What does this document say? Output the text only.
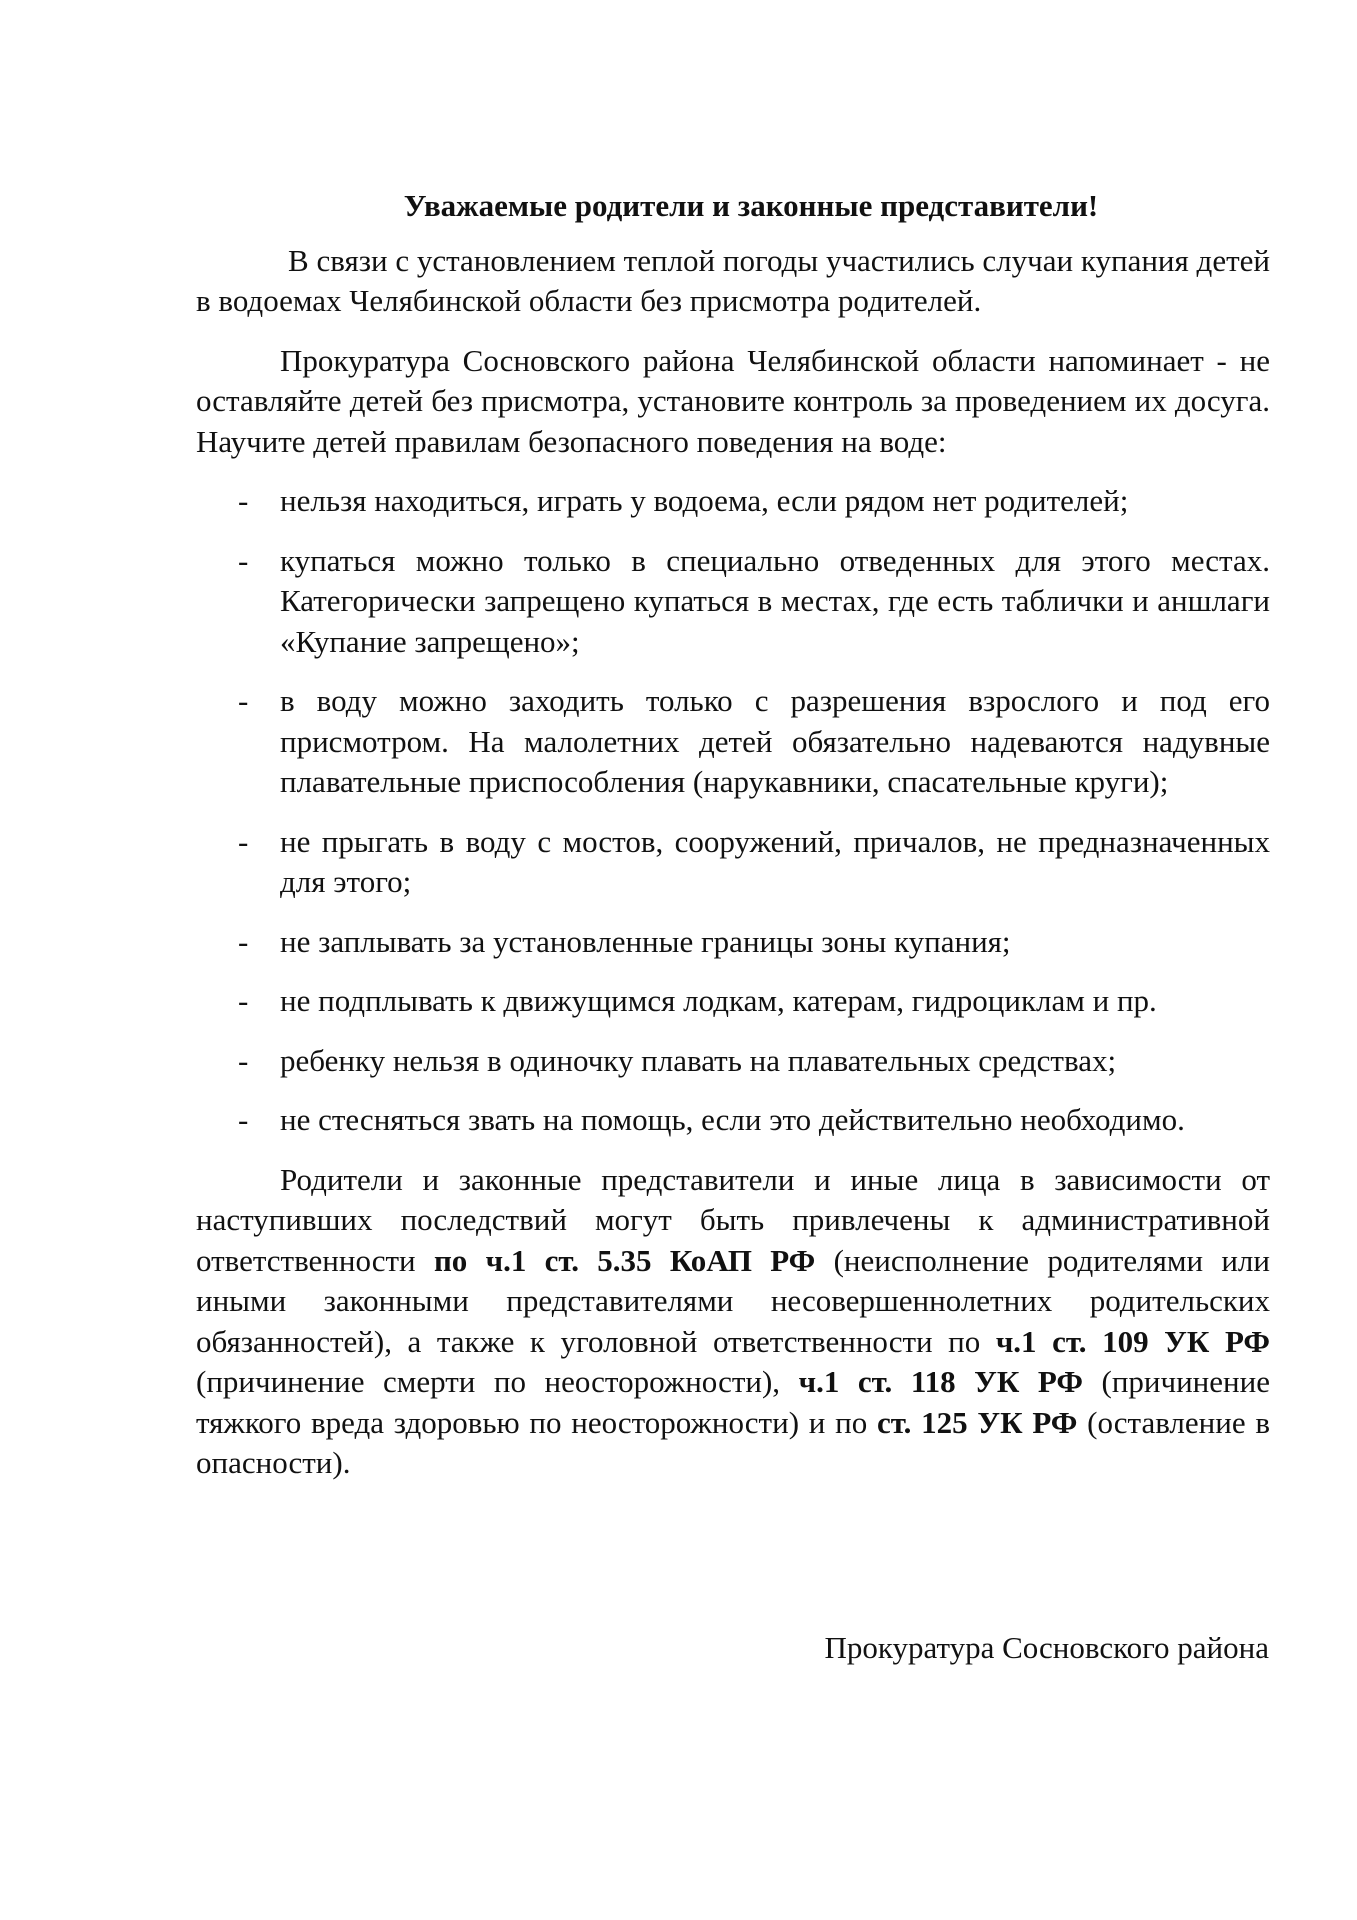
Уважаемые родители и законные представители!

В связи с установлением теплой погоды участились случаи купания детей в водоемах Челябинской области без присмотра родителей.

Прокуратура Сосновского района Челябинской области напоминает - не оставляйте детей без присмотра, установите контроль за проведением их досуга. Научите детей правилам безопасного поведения на воде:

- нельзя находиться, играть у водоема, если рядом нет родителей;
- купаться можно только в специально отведенных для этого местах. Категорически запрещено купаться в местах, где есть таблички и аншлаги «Купание запрещено»;
- в воду можно заходить только с разрешения взрослого и под его присмотром. На малолетних детей обязательно надеваются надувные плавательные приспособления (нарукавники, спасательные круги);
- не прыгать в воду с мостов, сооружений, причалов, не предназначенных для этого;
- не заплывать за установленные границы зоны купания;
- не подплывать к движущимся лодкам, катерам, гидроциклам и пр.
- ребенку нельзя в одиночку плавать на плавательных средствах;
- не стесняться звать на помощь, если это действительно необходимо.

Родители и законные представители и иные лица в зависимости от наступивших последствий могут быть привлечены к административной ответственности по ч.1 ст. 5.35 КоАП РФ (неисполнение родителями или иными законными представителями несовершеннолетних родительских обязанностей), а также к уголовной ответственности по ч.1 ст. 109 УК РФ (причинение смерти по неосторожности), ч.1 ст. 118 УК РФ (причинение тяжкого вреда здоровью по неосторожности) и по ст. 125 УК РФ (оставление в опасности).

Прокуратура Сосновского района
